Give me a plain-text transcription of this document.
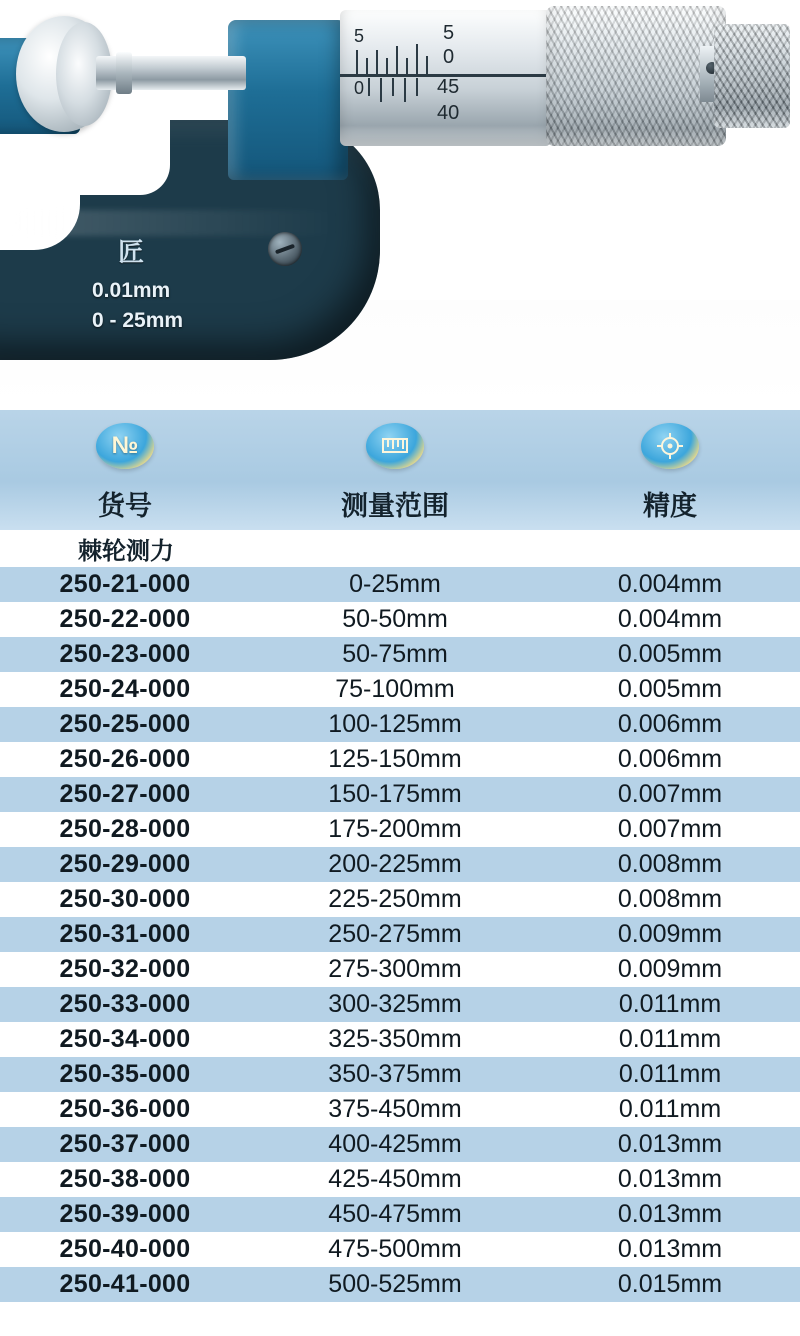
匠
0.01mm
0 - 25mm
5
0
45
40
5
0
№

货号	测量范围	精度
棘轮测力		
250-21-000	0-25mm	0.004mm
250-22-000	50-50mm	0.004mm
250-23-000	50-75mm	0.005mm
250-24-000	75-100mm	0.005mm
250-25-000	100-125mm	0.006mm
250-26-000	125-150mm	0.006mm
250-27-000	150-175mm	0.007mm
250-28-000	175-200mm	0.007mm
250-29-000	200-225mm	0.008mm
250-30-000	225-250mm	0.008mm
250-31-000	250-275mm	0.009mm
250-32-000	275-300mm	0.009mm
250-33-000	300-325mm	0.011mm
250-34-000	325-350mm	0.011mm
250-35-000	350-375mm	0.011mm
250-36-000	375-450mm	0.011mm
250-37-000	400-425mm	0.013mm
250-38-000	425-450mm	0.013mm
250-39-000	450-475mm	0.013mm
250-40-000	475-500mm	0.013mm
250-41-000	500-525mm	0.015mm
